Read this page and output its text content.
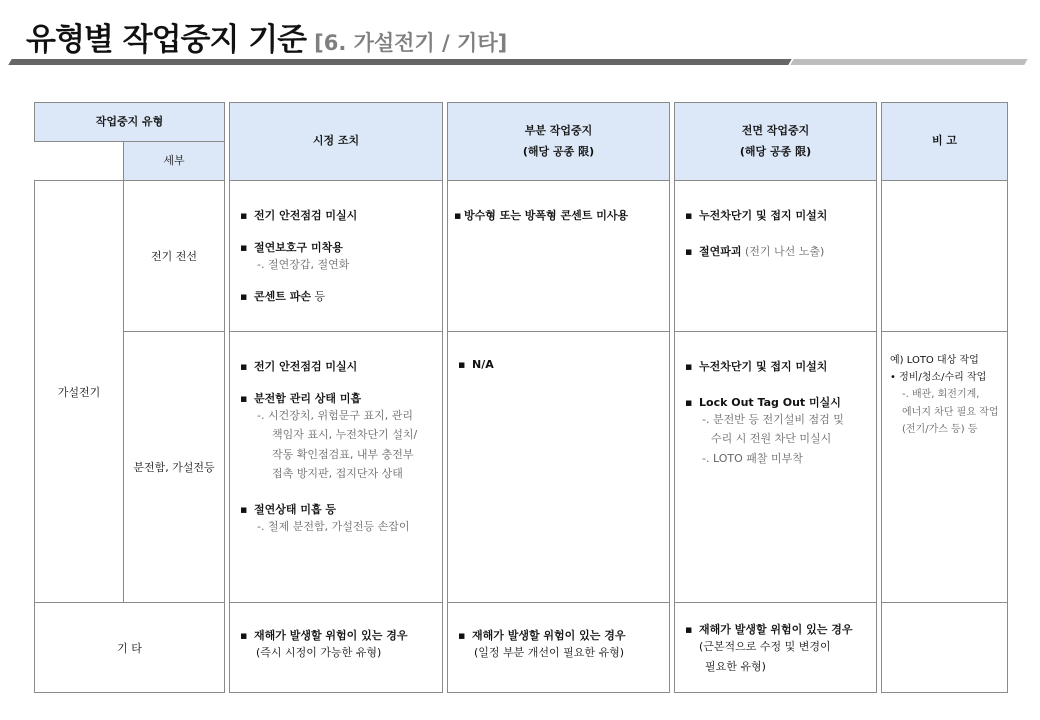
유형별 작업중지 기준 [6. 가설전기 / 기타]
작업중지 유형
세부
시정 조치
부분 작업중지
(해당 공종 限)
전면 작업중지
(해당 공종 限)
비 고
가설전기
전기 전선
분전함, 가설전등
기 타
▪ 전기 안전점검 미실시
▪ 절연보호구 미착용
-. 절연장갑, 절연화
▪ 콘센트 파손 등
▪ 방수형 또는 방폭형 콘센트 미사용	▪ 누전차단기 및 접지 미설치
▪ 절연파괴 (전기 나선 노출)
▪ 전기 안전점검 미실시
▪ 분전함 관리 상태 미흡
-. 시건장치, 위험문구 표지, 관리
책임자 표시, 누전차단기 설치/
작동 확인점검표, 내부 충전부
접촉 방지판, 접지단자 상태
▪ 절연상태 미흡 등
-. 철제 분전함, 가설전등 손잡이
▪ N/A	▪ 누전차단기 및 접지 미설치
▪ Lock Out Tag Out 미실시
-. 분전반 등 전기설비 점검 및
수리 시 전원 차단 미실시
-. LOTO 패찰 미부착
예) LOTO 대상 작업
• 정비/청소/수리 작업
-. 배관, 회전기계,
에너지 차단 필요 작업
(전기/가스 등) 등
▪ 재해가 발생할 위험이 있는 경우
(즉시 시정이 가능한 유형)
▪ 재해가 발생할 위험이 있는 경우
(일정 부분 개선이 필요한 유형)
▪ 재해가 발생할 위험이 있는 경우
(근본적으로 수정 및 변경이
필요한 유형)
